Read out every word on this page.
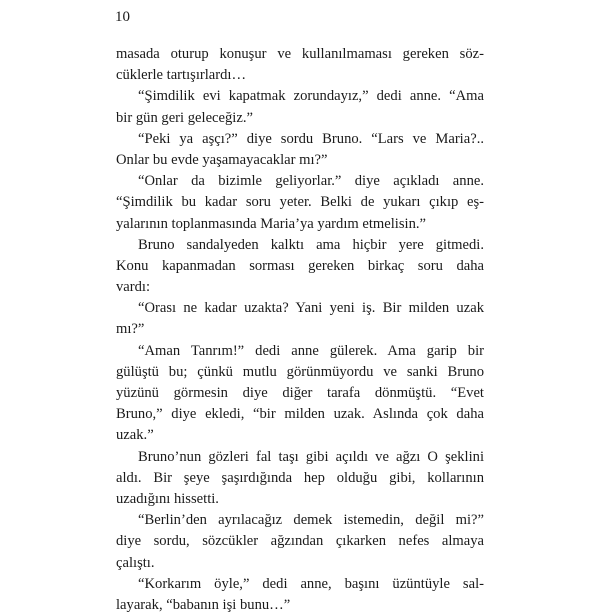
10
masada oturup konuşur ve kullanılmaması gereken söz-
cüklerle tartışırlardı…
“Şimdilik evi kapatmak zorundayız,” dedi anne. “Ama
bir gün geri geleceğiz.”
“Peki ya aşçı?” diye sordu Bruno. “Lars ve Maria?..
Onlar bu evde yaşamayacaklar mı?”
“Onlar da bizimle geliyorlar.” diye açıkladı anne.
“Şimdilik bu kadar soru yeter. Belki de yukarı çıkıp eş-
yalarının toplanmasında Maria’ya yardım etmelisin.”
Bruno sandalyeden kalktı ama hiçbir yere gitmedi.
Konu kapanmadan sorması gereken birkaç soru daha
vardı:
“Orası ne kadar uzakta? Yani yeni iş. Bir milden uzak
mı?”
“Aman Tanrım!” dedi anne gülerek. Ama garip bir
gülüştü bu; çünkü mutlu görünmüyordu ve sanki Bruno
yüzünü görmesin diye diğer tarafa dönmüştü. “Evet
Bruno,” diye ekledi, “bir milden uzak. Aslında çok daha
uzak.”
Bruno’nun gözleri fal taşı gibi açıldı ve ağzı O şeklini
aldı. Bir şeye şaşırdığında hep olduğu gibi, kollarının
uzadığını hissetti.
“Berlin’den ayrılacağız demek istemedin, değil mi?”
diye sordu, sözcükler ağzından çıkarken nefes almaya
çalıştı.
“Korkarım öyle,” dedi anne, başını üzüntüyle sal-
layarak, “babanın işi bunu…”
